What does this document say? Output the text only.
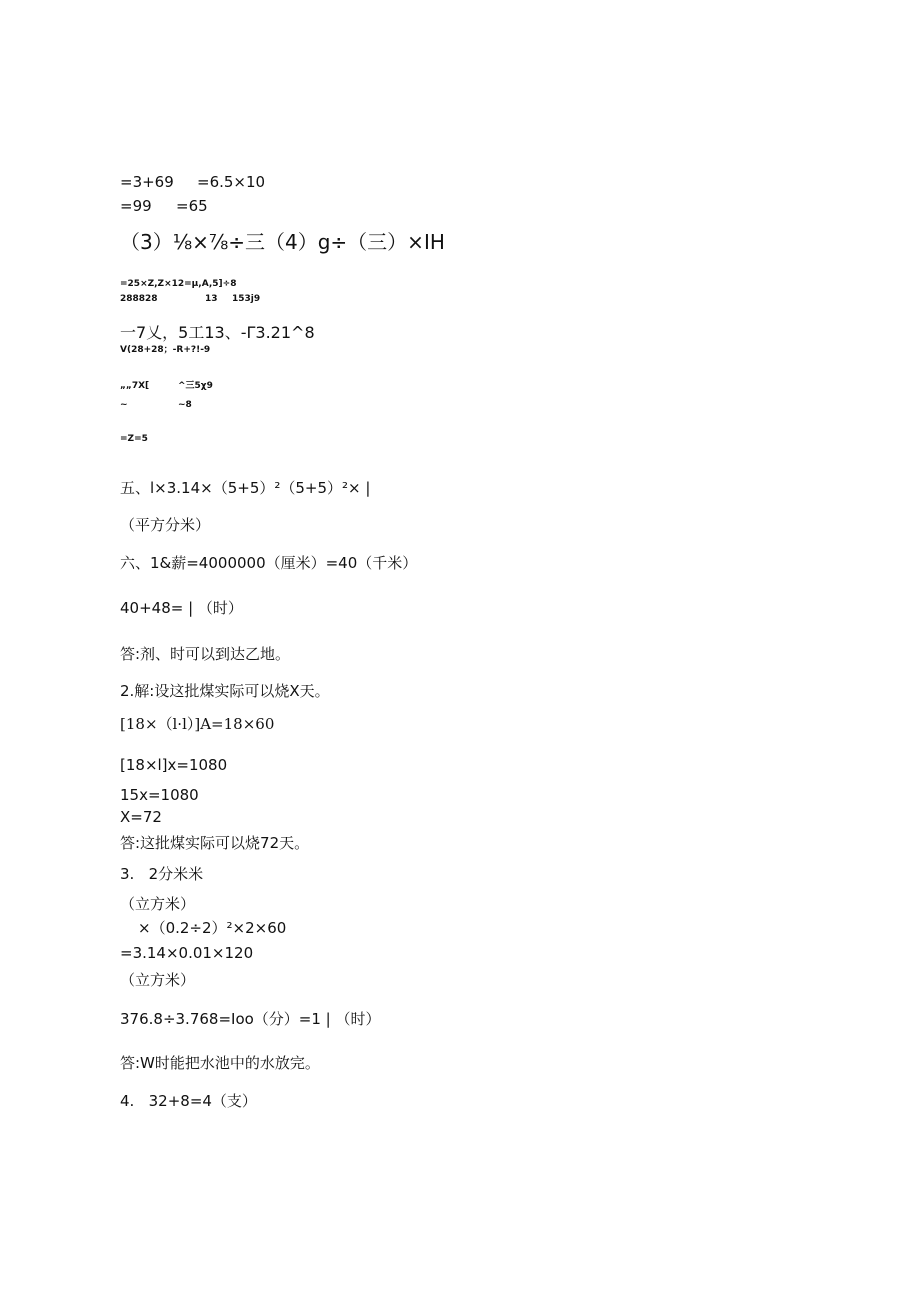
=3+69 =6.5×10
=99 =65
（3）⅛×⅞÷三（4）g÷（三）×IH
=25×Z,Z×12=μ,A,5]÷8
288828	13 153j9
一7乂，5工13、-Γ3.21^8
V(28+28；-R+?!-9
„„7X[	^三5χ9
~	~8
=Z=5
五、l×3.14×（5+5）²（5+5）²× |
（平方分米）
六、1&薪=4000000（厘米）=40（千米）
40+48= | （时）
答:剂、时可以到达乙地。
2.解:设这批煤实际可以烧X天。
[18×（l·l）]A=18×60
[18×l]x=1080
15x=1080
X=72
答:这批煤实际可以烧72天。
3.   2分米米
（立方米）
×（0.2÷2）²×2×60
=3.14×0.01×120
（立方米）
376.8÷3.768=Ioo（分）=1 | （时）
答:W时能把水池中的水放完。
4.   32+8=4（支）
